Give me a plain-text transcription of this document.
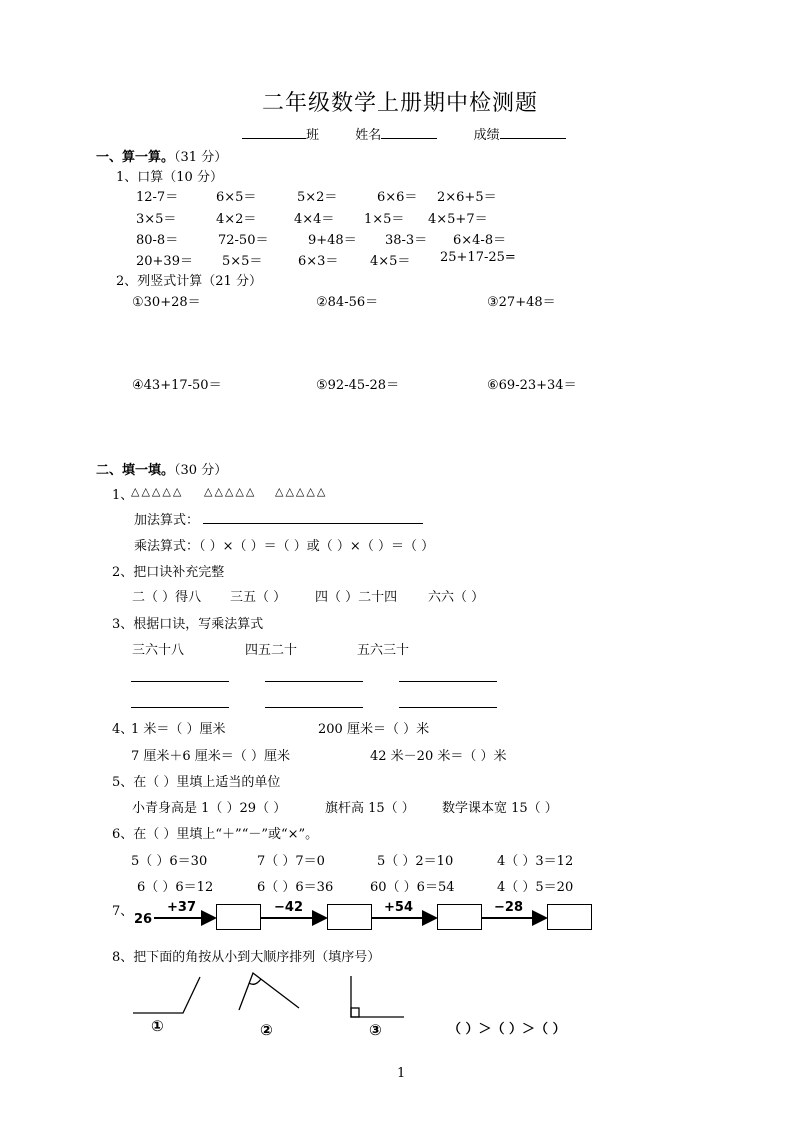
二年级数学上册期中检测题
班	姓名	成绩
一、算一算。（31 分）
1、口算（10 分）
12-7＝	6×5＝	5×2＝	6×6＝ 2×6+5＝
3×5＝	4×2＝	4×4＝ 1×5＝ 4×5+7＝
80-8＝	72-50＝	9+48＝ 38-3＝ 6×4-8＝
20+39＝ 5×5＝	6×3＝ 4×5＝ 25+17-25=
2、列竖式计算（21 分）
①30+28＝	②84-56＝	③27+48＝
④43+17-50＝	⑤92-45-28＝	⑥69-23+34＝
二、填一填。（30 分）
1、
△△△△△ △△△△△ △△△△△
加法算式：
乘法算式：（ ）×（ ）＝（ ）或（ ）×（ ）＝（ ）
2、把口诀补充完整
二（ ）得八 三五（ ） 四（ ）二十四 六六（ ）
3、根据口诀，写乘法算式
三六十八	四五二十	五六三十
4、
1 米＝（ ）厘米	200 厘米＝（ ）米
7 厘米＋6 厘米＝（ ）厘米	42 米－20 米＝（ ）米
5、在（ ）里填上适当的单位
小青身高是 1（ ）29（ ）	旗杆高 15（ ） 数学课本宽 15（ ）
6、在（ ）里填上“＋”“－”或“×”。
5（ ）6＝30	7（ ）7＝0	5（ ）2＝10	4（ ）3＝12
6（ ）6＝12	6（ ）6＝36	60（ ）6＝54	4（ ）5＝20
7、
26
+37	−42	+54	−28
8、把下面的角按从小到大顺序排列（填序号）
①	②	③	（ ）＞（ ）＞（ ）
1
